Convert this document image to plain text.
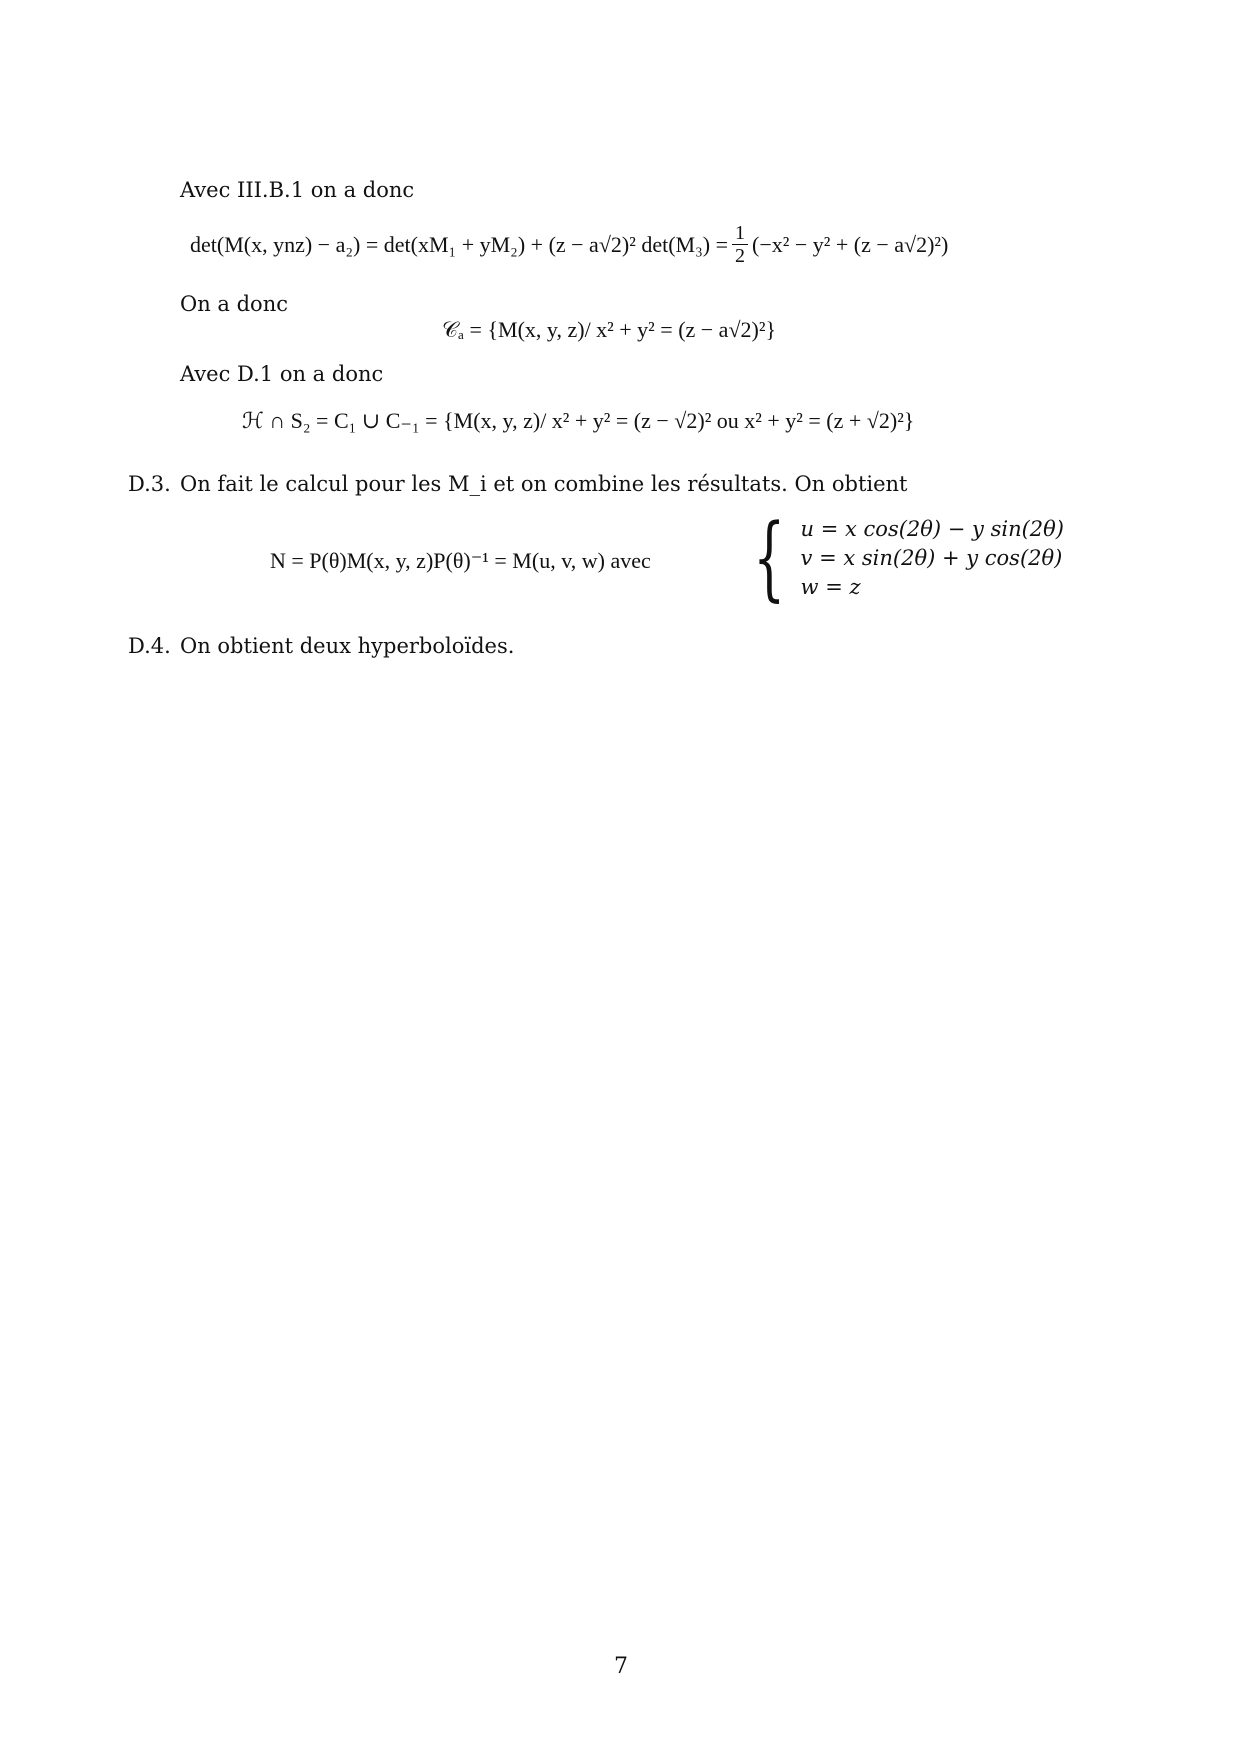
Avec III.B.1 on a donc
det(M(x, ynz) − a₂) = det(xM₁ + yM₂) + (z − a√2)² $\det(M_3) = \frac{1}{2} (-x^2 - y^2 + (z - a√2)^2)$
On a donc
𝒞ₐ = {M(x, y, z)/ x² + y² = (z − a√2)²}
Avec D.1 on a donc
ℋ ∩ S₂ = C₁ ∪ C₋₁ = {M(x, y, z)/ x² + y² = (z − √2)² ou x² + y² = (z + √2)²}
D.3. On fait le calcul pour les M_i et on combine les résultats. On obtient
N = P(θ)M(x, y, z)P(θ)⁻¹ = M(u, v, w) avec { u = x cos(2θ) − y sin(2θ)
v = x sin(2θ) + y cos(2θ)
w = z
D.4. On obtient deux hyperboloïdes.
7
